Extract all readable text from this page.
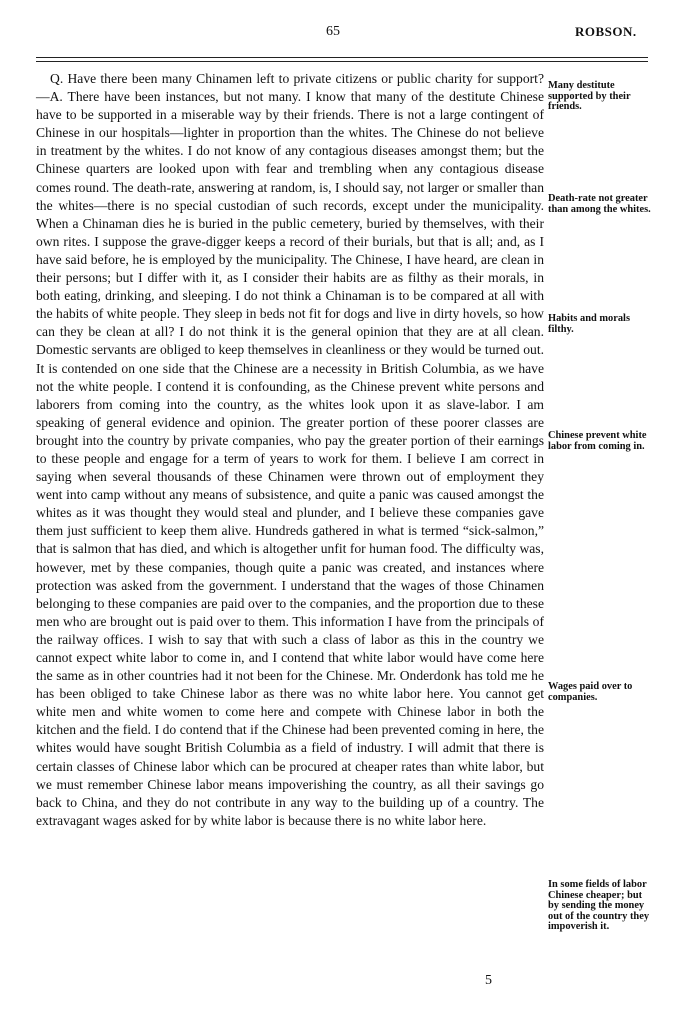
65	ROBSON.

Q. Have there been many Chinamen left to private citizens or public charity for support?—A. There have been instances, but not many. I know that many of the destitute Chinese have to be supported in a miserable way by their friends. There is not a large contingent of Chinese in our hospitals—lighter in proportion than the whites. The Chinese do not believe in treatment by the whites. I do not know of any contagious diseases amongst them; but the Chinese quarters are looked upon with fear and trembling when any contagious disease comes round. The death-rate, answering at random, is, I should say, not larger or smaller than the whites—there is no special custodian of such records, except under the municipality. When a Chinaman dies he is buried in the public cemetery, buried by themselves, with their own rites. I suppose the grave-digger keeps a record of their burials, but that is all; and, as I have said before, he is employed by the municipality. The Chinese, I have heard, are clean in their persons; but I differ with it, as I consider their habits are as filthy as their morals, in both eating, drinking, and sleeping. I do not think a Chinaman is to be compared at all with the habits of white people. They sleep in beds not fit for dogs and live in dirty hovels, so how can they be clean at all? I do not think it is the general opinion that they are at all clean. Domestic servants are obliged to keep themselves in cleanliness or they would be turned out. It is contended on one side that the Chinese are a necessity in British Columbia, as we have not the white people. I contend it is confounding, as the Chinese prevent white persons and laborers from coming into the country, as the whites look upon it as slave-labor. I am speaking of general evidence and opinion. The greater portion of these poorer classes are brought into the country by private companies, who pay the greater portion of their earnings to these people and engage for a term of years to work for them. I believe I am correct in saying when several thousands of these Chinamen were thrown out of employment they went into camp without any means of subsistence, and quite a panic was caused amongst the whites as it was thought they would steal and plunder, and I believe these companies gave them just sufficient to keep them alive. Hundreds gathered in what is termed “sick-salmon,” that is salmon that has died, and which is altogether unfit for human food. The difficulty was, however, met by these companies, though quite a panic was created, and instances where protection was asked from the government. I understand that the wages of those Chinamen belonging to these companies are paid over to the companies, and the proportion due to these men who are brought out is paid over to them. This information I have from the principals of the railway offices. I wish to say that with such a class of labor as this in the country we cannot expect white labor to come in, and I contend that white labor would have come here the same as in other countries had it not been for the Chinese. Mr. Onderdonk has told me he has been obliged to take Chinese labor as there was no white labor here. You cannot get white men and white women to come here and compete with Chinese labor in both the kitchen and the field. I do contend that if the Chinese had been prevented coming in here, the whites would have sought British Columbia as a field of industry. I will admit that there is certain classes of Chinese labor which can be procured at cheaper rates than white labor, but we must remember Chinese labor means impoverishing the country, as all their savings go back to China, and they do not contribute in any way to the building up of a country. The extravagant wages asked for by white labor is because there is no white labor here.

Many destitute supported by their friends.

Death-rate not greater than among the whites.

Habits and morals filthy.

Chinese prevent white labor from coming in.

Wages paid over to companies.

In some fields of labor Chinese cheaper; but by sending the money out of the country they impoverish it.

5
